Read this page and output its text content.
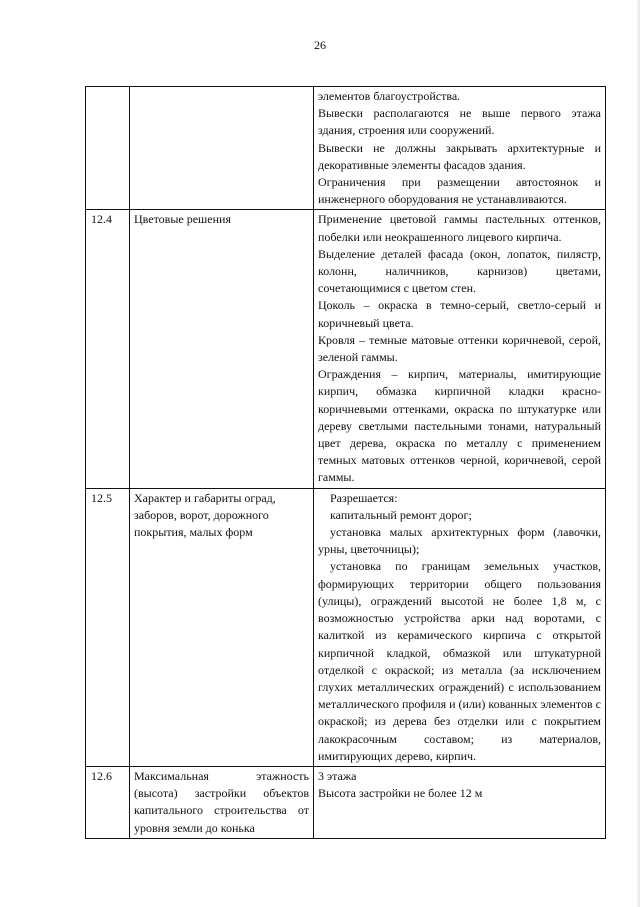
26

		элементов благоустройства.

Вывески располагаются не выше первого этажа здания, строения или сооружений.

Вывески не должны закрывать архитектурные и декоративные элементы фасадов здания.

Ограничения при размещении автостоянок и инженерного оборудования не устанавливаются.

12.4	Цветовые решения	Применение цветовой гаммы пастельных оттенков, побелки или неокрашенного лицевого кирпича.

Выделение деталей фасада (окон, лопаток, пилястр, колонн, наличников, карнизов) цветами, сочетающимися с цветом стен.

Цоколь – окраска в темно-серый, светло-серый и коричневый цвета.

Кровля – темные матовые оттенки коричневой, серой, зеленой гаммы.

Ограждения – кирпич, материалы, имитирующие кирпич, обмазка кирпичной кладки красно-коричневыми оттенками, окраска по штукатурке или дереву светлыми пастельными тонами, натуральный цвет дерева, окраска по металлу с применением темных матовых оттенков черной, коричневой, серой гаммы.

12.5	Характер и габариты оград, заборов, ворот, дорожного покрытия, малых форм	Разрешается:

капитальный ремонт дорог;

установка малых архитектурных форм (лавочки, урны, цветочницы);

установка по границам земельных участков, формирующих территории общего пользования (улицы), ограждений высотой не более 1,8 м, с возможностью устройства арки над воротами, с калиткой из керамического кирпича с открытой кирпичной кладкой, обмазкой или штукатурной отделкой с окраской; из металла (за исключением глухих металлических ограждений) с использованием металлического профиля и (или) кованных элементов с окраской; из дерева без отделки или с покрытием лакокрасочным составом; из материалов, имитирующих дерево, кирпич.

12.6	Максимальная этажность (высота) застройки объектов капитального строительства от уровня земли до конька	3 этажа

Высота застройки не более 12 м
